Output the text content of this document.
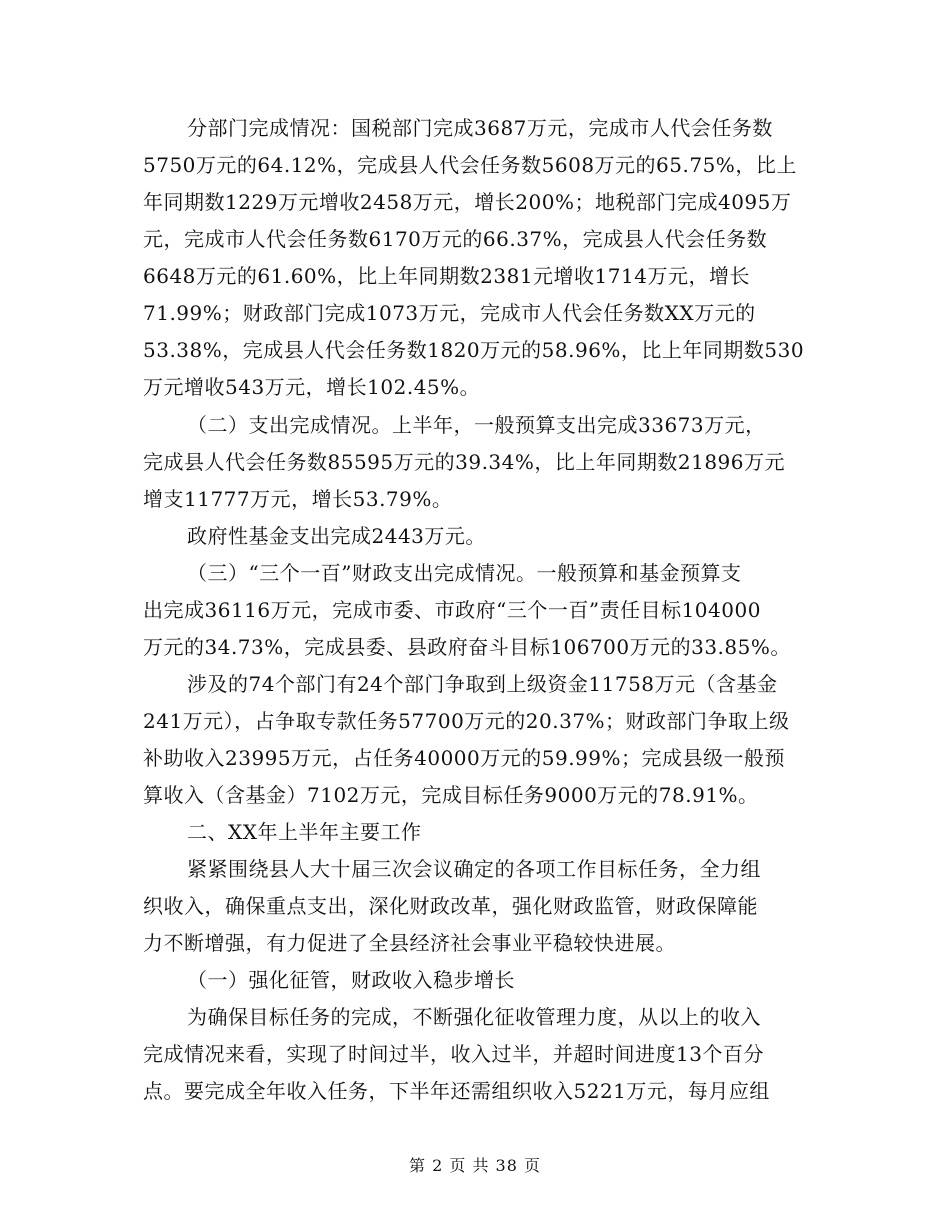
分部门完成情况：国税部门完成3687万元，完成市人代会任务数
5750万元的64.12%，完成县人代会任务数5608万元的65.75%，比上
年同期数1229万元增收2458万元，增长200%；地税部门完成4095万
元，完成市人代会任务数6170万元的66.37%，完成县人代会任务数
6648万元的61.60%，比上年同期数2381元增收1714万元，增长
71.99%；财政部门完成1073万元，完成市人代会任务数XX万元的
53.38%，完成县人代会任务数1820万元的58.96%，比上年同期数530
万元增收543万元，增长102.45%。
（二）支出完成情况。上半年，一般预算支出完成33673万元，
完成县人代会任务数85595万元的39.34%，比上年同期数21896万元
增支11777万元，增长53.79%。
政府性基金支出完成2443万元。
（三）“三个一百”财政支出完成情况。一般预算和基金预算支
出完成36116万元，完成市委、市政府“三个一百”责任目标104000
万元的34.73%，完成县委、县政府奋斗目标106700万元的33.85%。
涉及的74个部门有24个部门争取到上级资金11758万元（含基金
241万元），占争取专款任务57700万元的20.37%；财政部门争取上级
补助收入23995万元，占任务40000万元的59.99%；完成县级一般预
算收入（含基金）7102万元，完成目标任务9000万元的78.91%。
二、XX年上半年主要工作
紧紧围绕县人大十届三次会议确定的各项工作目标任务，全力组
织收入，确保重点支出，深化财政改革，强化财政监管，财政保障能
力不断增强，有力促进了全县经济社会事业平稳较快进展。
（一）强化征管，财政收入稳步增长
为确保目标任务的完成，不断强化征收管理力度，从以上的收入
完成情况来看，实现了时间过半，收入过半，并超时间进度13个百分
点。要完成全年收入任务，下半年还需组织收入5221万元，每月应组
第 2 页 共 38 页
